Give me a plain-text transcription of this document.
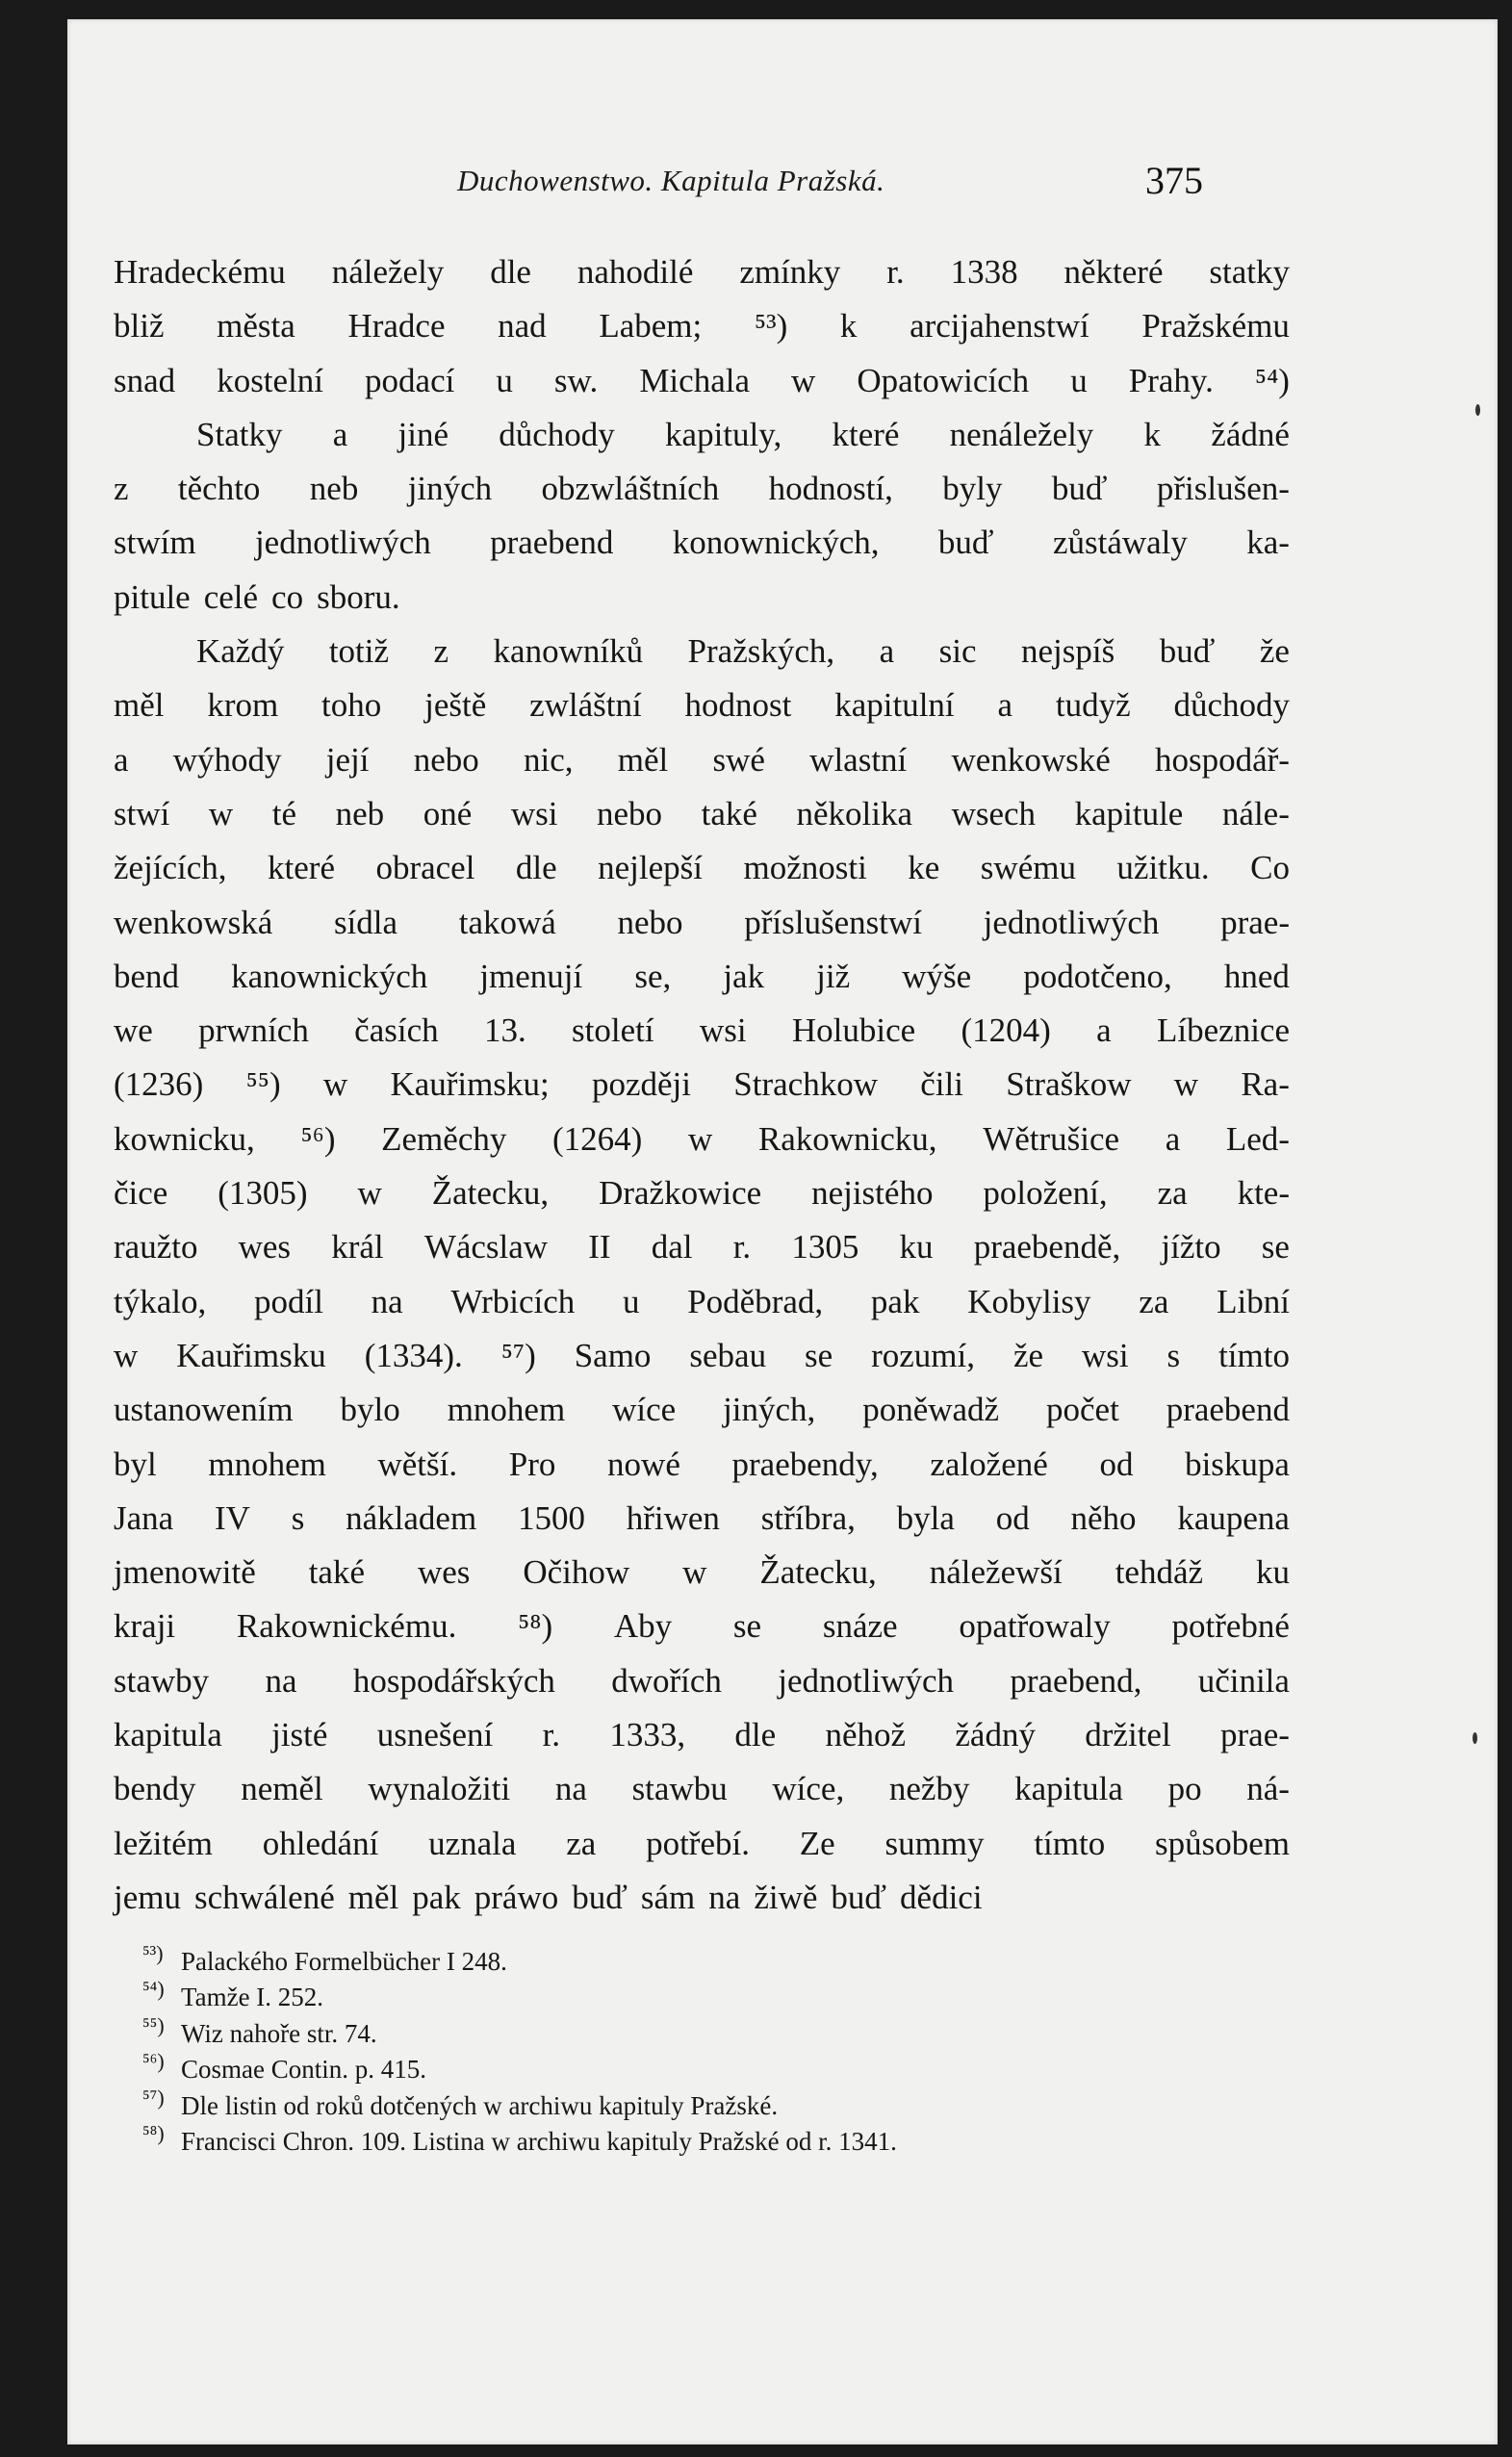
Duchowenstwo. Kapitula Pražská.	375
Hradeckému náležely dle nahodilé zmínky r. 1338 některé statky
bliž města Hradce nad Labem; ⁵³) k arcijahenstwí Pražskému
snad kostelní podací u sw. Michala w Opatowicích u Prahy. ⁵⁴)
Statky a jiné důchody kapituly, které nenáležely k žádné
z těchto neb jiných obzwláštních hodností, byly buď přislušen-
stwím jednotliwých praebend konownických, buď zůstáwaly ka-
pitule celé co sboru.
Každý totiž z kanowníků Pražských, a sic nejspíš buď že
měl krom toho ještě zwláštní hodnost kapitulní a tudyž důchody
a wýhody její nebo nic, měl swé wlastní wenkowské hospodář-
stwí w té neb oné wsi nebo také několika wsech kapitule nále-
žejících, které obracel dle nejlepší možnosti ke swému užitku. Co
wenkowská sídla takowá nebo příslušenstwí jednotliwých prae-
bend kanownických jmenují se, jak již wýše podotčeno, hned
we prwních časích 13. století wsi Holubice (1204) a Líbeznice
(1236) ⁵⁵) w Kauřimsku; později Strachkow čili Straškow w Ra-
kownicku, ⁵⁶) Zeměchy (1264) w Rakownicku, Wětrušice a Led-
čice (1305) w Žatecku, Dražkowice nejistého položení, za kte-
raužto wes král Wácslaw II dal r. 1305 ku praebendě, jížto se
týkalo, podíl na Wrbicích u Poděbrad, pak Kobylisy za Libní
w Kauřimsku (1334). ⁵⁷) Samo sebau se rozumí, že wsi s tímto
ustanowením bylo mnohem wíce jiných, poněwadž počet praebend
byl mnohem wětší. Pro nowé praebendy, založené od biskupa
Jana IV s nákladem 1500 hřiwen stříbra, byla od něho kaupena
jmenowitě také wes Očihow w Žatecku, náležewší tehdáž ku
kraji Rakownickému. ⁵⁸) Aby se snáze opatřowaly potřebné
stawby na hospodářských dwořích jednotliwých praebend, učinila
kapitula jisté usnešení r. 1333, dle něhož žádný držitel prae-
bendy neměl wynaložiti na stawbu wíce, nežby kapitula po ná-
ležitém ohledání uznala za potřebí. Ze summy tímto spůsobem
jemu schwálené měl pak práwo buď sám na žiwě buď dědici
⁵³) Palackého Formelbücher I 248.
⁵⁴) Tamže I. 252.
⁵⁵) Wiz nahoře str. 74.
⁵⁶) Cosmae Contin. p. 415.
⁵⁷) Dle listin od roků dotčených w archiwu kapituly Pražské.
⁵⁸) Francisci Chron. 109. Listina w archiwu kapituly Pražské od r. 1341.
